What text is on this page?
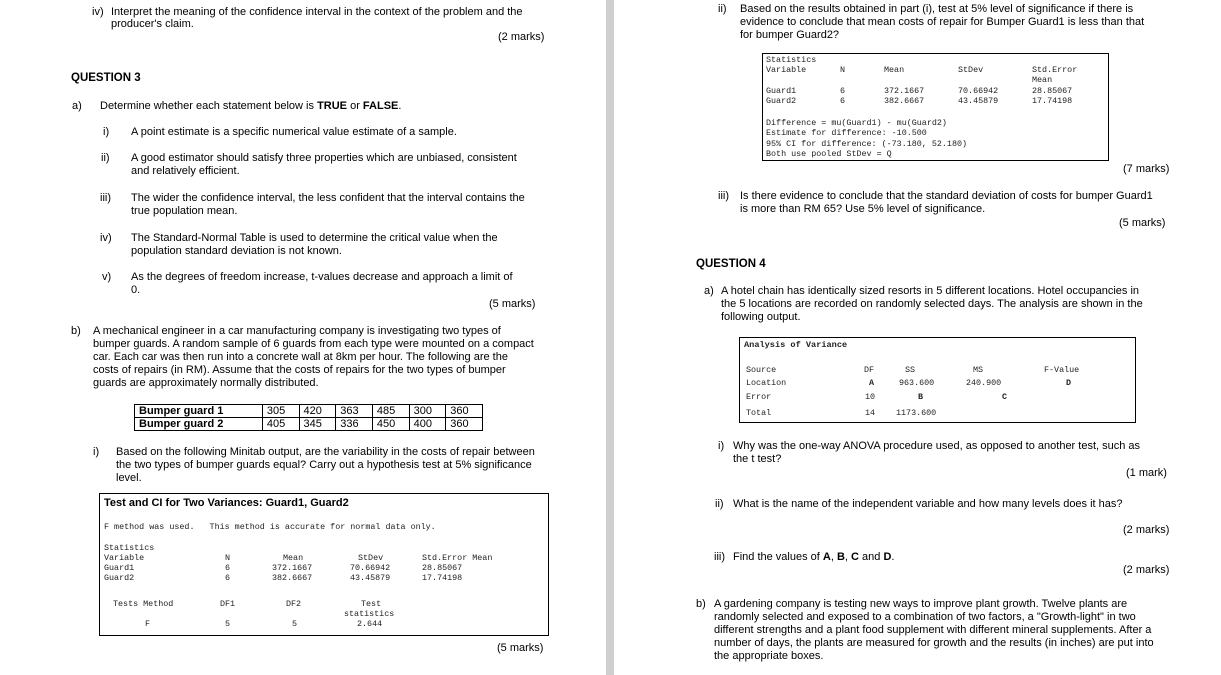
iv) Interpret the meaning of the confidence interval in the context of the problem and the
producer's claim.
(2 marks)
QUESTION 3
a) Determine whether each statement below is TRUE or FALSE.
i) A point estimate is a specific numerical value estimate of a sample.
ii) A good estimator should satisfy three properties which are unbiased, consistent
and relatively efficient.
iii) The wider the confidence interval, the less confident that the interval contains the
true population mean.
iv) The Standard-Normal Table is used to determine the critical value when the
population standard deviation is not known.
v) As the degrees of freedom increase, t-values decrease and approach a limit of
0.
(5 marks)
b) A mechanical engineer in a car manufacturing company is investigating two types of
bumper guards. A random sample of 6 guards from each type were mounted on a compact
car. Each car was then run into a concrete wall at 8km per hour. The following are the
costs of repairs (in RM). Assume that the costs of repairs for the two types of bumper
guards are approximately normally distributed.
Bumper guard 1	305	420	363	485	300	360
Bumper guard 2	405	345	336	450	400	360
i) Based on the following Minitab output, are the variability in the costs of repair between
the two types of bumper guards equal? Carry out a hypothesis test at 5% significance
level.
Test and CI for Two Variances: Guard1, Guard2
F method was used.   This method is accurate for normal data only.
Statistics
Variable	N	Mean	StDev	Std.Error Mean
Guard1	6	372.1667	70.66942	28.85067
Guard2	6	382.6667	43.45879	17.74198
Tests Method	DF1	DF2	Test
statistics
F	5	5	2.644
(5 marks)
ii) Based on the results obtained in part (i), test at 5% level of significance if there is
evidence to conclude that mean costs of repair for Bumper Guard1 is less than that
for bumper Guard2?
Statistics
Variable	N	Mean	StDev	Std.Error
Mean
Guard1	6	372.1667	70.66942	28.85067
Guard2	6	382.6667	43.45879	17.74198
Difference = mu(Guard1) - mu(Guard2)
Estimate for difference: -10.500
95% CI for difference: (-73.180, 52.180)
Both use pooled StDev = Q
(7 marks)
iii) Is there evidence to conclude that the standard deviation of costs for bumper Guard1
is more than RM 65? Use 5% level of significance.
(5 marks)
QUESTION 4
a) A hotel chain has identically sized resorts in 5 different locations. Hotel occupancies in
the 5 locations are recorded on randomly selected days. The analysis are shown in the
following output.
Analysis of Variance
Source	DF	SS	MS	F-Value
Location	A	963.600	240.900	D
Error	10	B	C
Total	14 1173.600
i) Why was the one-way ANOVA procedure used, as opposed to another test, such as
the t test?
(1 mark)
ii) What is the name of the independent variable and how many levels does it has?
(2 marks)
iii) Find the values of A, B, C and D.
(2 marks)
b) A gardening company is testing new ways to improve plant growth. Twelve plants are
randomly selected and exposed to a combination of two factors, a "Growth-light" in two
different strengths and a plant food supplement with different mineral supplements. After a
number of days, the plants are measured for growth and the results (in inches) are put into
the appropriate boxes.
